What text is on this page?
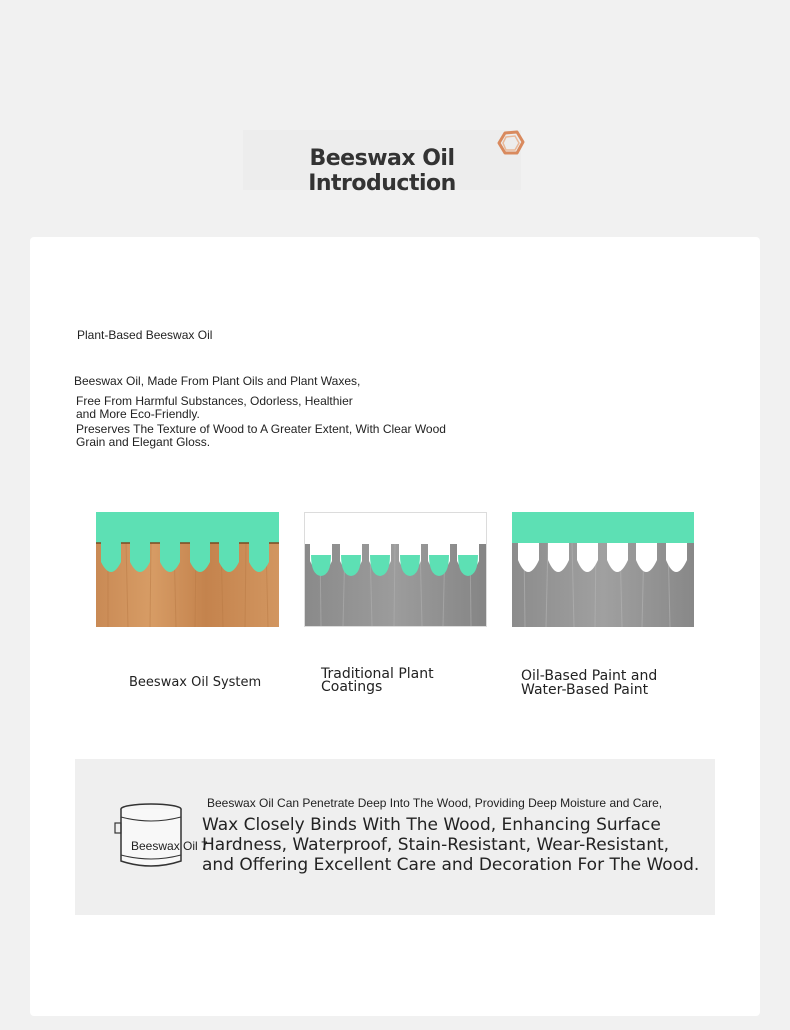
Beeswax Oil Introduction
Plant-Based Beeswax Oil
Beeswax Oil, Made From Plant Oils and Plant Waxes,
Free From Harmful Substances, Odorless, Healthier and More Eco-Friendly.
Preserves The Texture of Wood to A Greater Extent, With Clear Wood Grain and Elegant Gloss.
Beeswax Oil System
Traditional Plant Coatings
Oil-Based Paint and Water-Based Paint
Beeswax Oil 7
Beeswax Oil Can Penetrate Deep Into The Wood, Providing Deep Moisture and Care,
Wax Closely Binds With The Wood, Enhancing Surface Hardness, Waterproof, Stain-Resistant, Wear-Resistant, and Offering Excellent Care and Decoration For The Wood.
